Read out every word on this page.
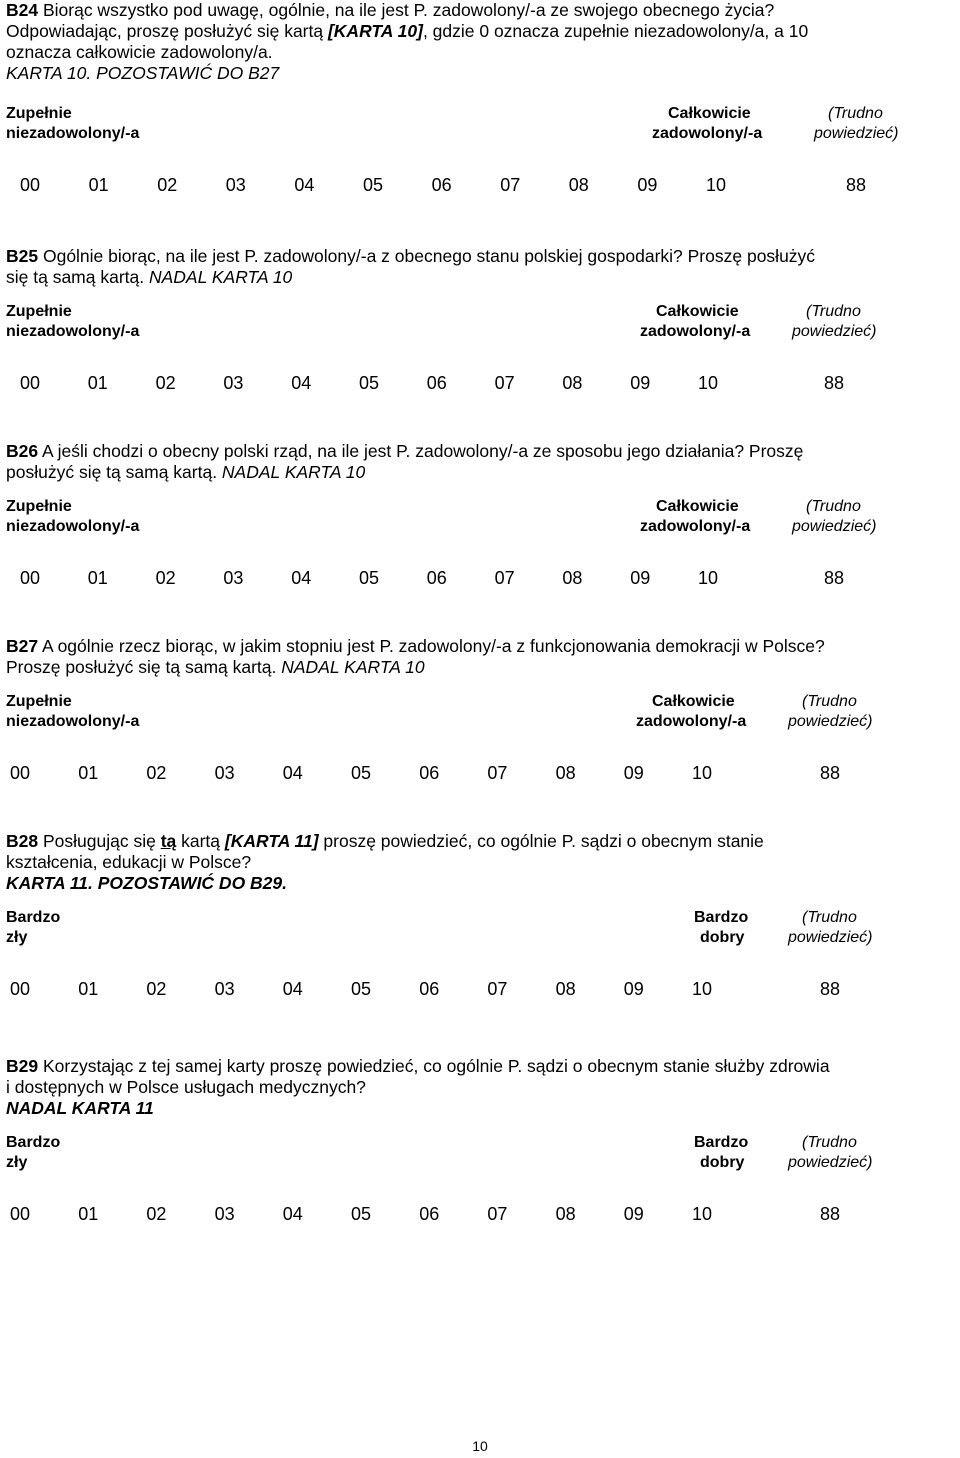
B24 Biorąc wszystko pod uwagę, ogólnie, na ile jest P. zadowolony/-a ze swojego obecnego życia?

Odpowiadając, proszę posłużyć się kartą [KARTA 10], gdzie 0 oznacza zupełnie niezadowolony/a, a 10

oznacza całkowicie zadowolony/a.

KARTA 10. POZOSTAWIĆ DO B27

Zupełnie
niezadowolony/-a
Całkowicie
zadowolony/-a
(Trudno
powiedzieć)
00	01	02	03	04	05	06	07	08	09	10	88

B25 Ogólnie biorąc, na ile jest P. zadowolony/-a z obecnego stanu polskiej gospodarki? Proszę posłużyć

się tą samą kartą. NADAL KARTA 10

Zupełnie
niezadowolony/-a
Całkowicie
zadowolony/-a
(Trudno
powiedzieć)
00	01	02	03	04	05	06	07	08	09	10	88

B26 A jeśli chodzi o obecny polski rząd, na ile jest P. zadowolony/-a ze sposobu jego działania? Proszę

posłużyć się tą samą kartą. NADAL KARTA 10

Zupełnie
niezadowolony/-a
Całkowicie
zadowolony/-a
(Trudno
powiedzieć)
00	01	02	03	04	05	06	07	08	09	10	88

B27 A ogólnie rzecz biorąc, w jakim stopniu jest P. zadowolony/-a z funkcjonowania demokracji w Polsce?

Proszę posłużyć się tą samą kartą. NADAL KARTA 10

Zupełnie
niezadowolony/-a
Całkowicie
zadowolony/-a
(Trudno
powiedzieć)
00	01	02	03	04	05	06	07	08	09	10	88

B28 Posługując się tą kartą [KARTA 11] proszę powiedzieć, co ogólnie P. sądzi o obecnym stanie

kształcenia, edukacji w Polsce?

KARTA 11. POZOSTAWIĆ DO B29.

Bardzo
zły
Bardzo
dobry
(Trudno
powiedzieć)
00	01	02	03	04	05	06	07	08	09	10	88

B29 Korzystając z tej samej karty proszę powiedzieć, co ogólnie P. sądzi o obecnym stanie służby zdrowia

i dostępnych w Polsce usługach medycznych?

NADAL KARTA 11

Bardzo
zły
Bardzo
dobry
(Trudno
powiedzieć)
00	01	02	03	04	05	06	07	08	09	10	88
10
